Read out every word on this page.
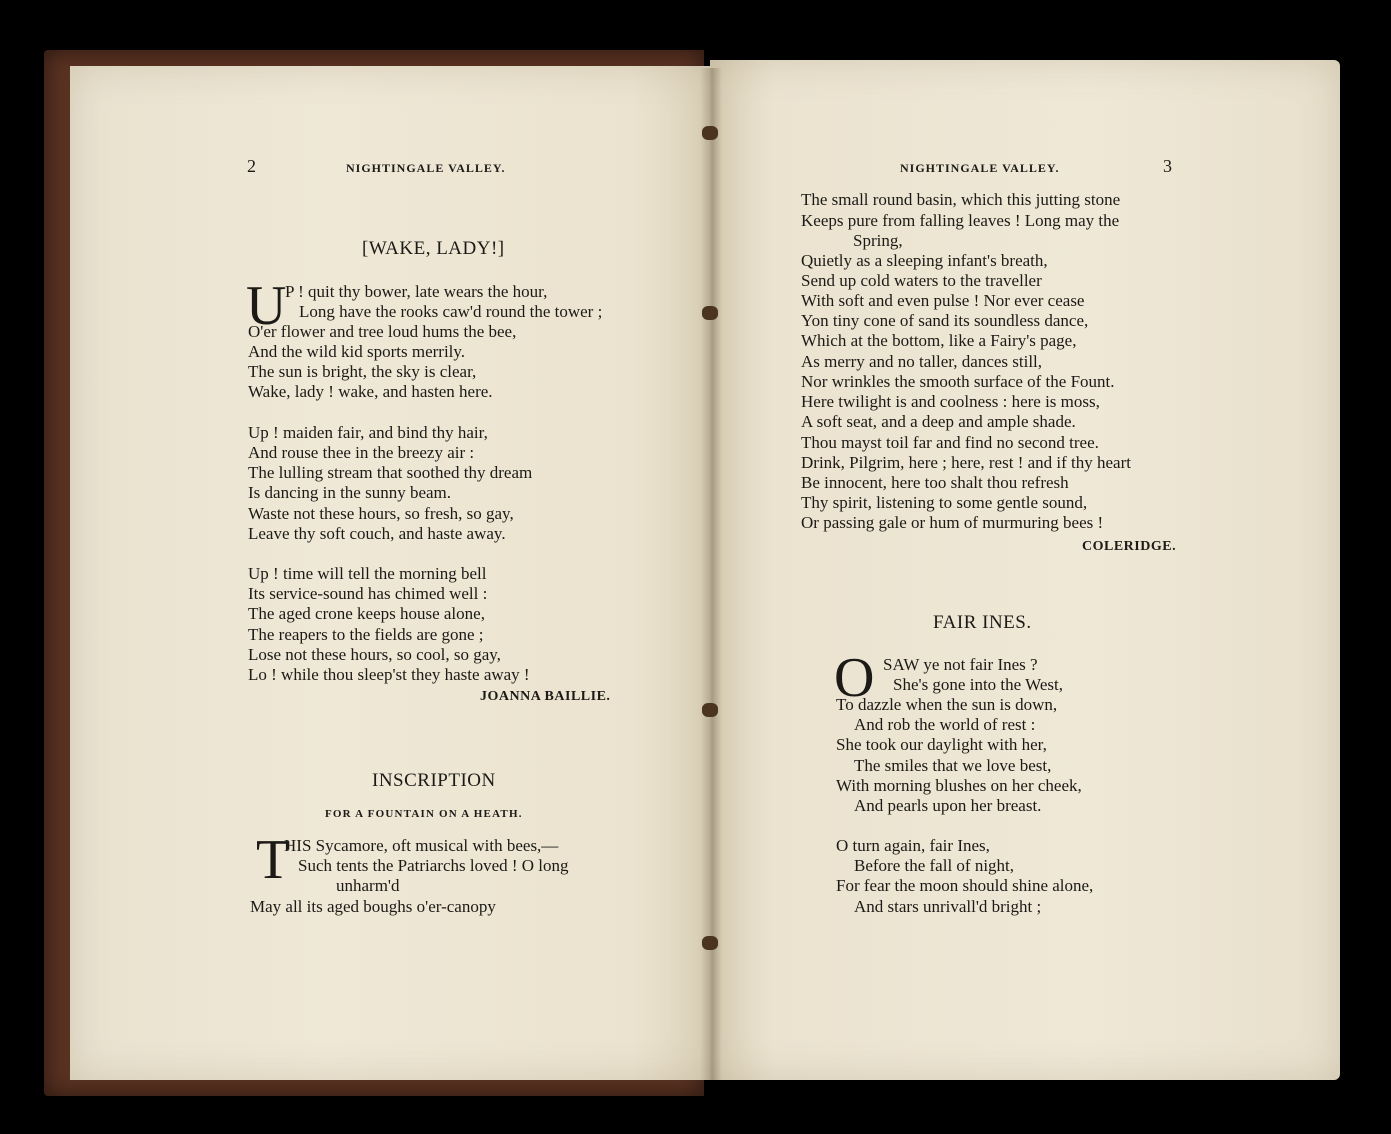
2	NIGHTINGALE VALLEY.
[WAKE, LADY!]
U
P ! quit thy bower, late wears the hour,
Long have the rooks caw'd round the tower ;
O'er flower and tree loud hums the bee,
And the wild kid sports merrily.
The sun is bright, the sky is clear,
Wake, lady ! wake, and hasten here.
Up ! maiden fair, and bind thy hair,
And rouse thee in the breezy air :
The lulling stream that soothed thy dream
Is dancing in the sunny beam.
Waste not these hours, so fresh, so gay,
Leave thy soft couch, and haste away.
Up ! time will tell the morning bell
Its service-sound has chimed well :
The aged crone keeps house alone,
The reapers to the fields are gone ;
Lose not these hours, so cool, so gay,
Lo ! while thou sleep'st they haste away !
JOANNA BAILLIE.
INSCRIPTION
FOR A FOUNTAIN ON A HEATH.
T
HIS Sycamore, oft musical with bees,—
Such tents the Patriarchs loved ! O long
unharm'd
May all its aged boughs o'er-canopy
NIGHTINGALE VALLEY.	3
The small round basin, which this jutting stone
Keeps pure from falling leaves ! Long may the
Spring,
Quietly as a sleeping infant's breath,
Send up cold waters to the traveller
With soft and even pulse ! Nor ever cease
Yon tiny cone of sand its soundless dance,
Which at the bottom, like a Fairy's page,
As merry and no taller, dances still,
Nor wrinkles the smooth surface of the Fount.
Here twilight is and coolness : here is moss,
A soft seat, and a deep and ample shade.
Thou mayst toil far and find no second tree.
Drink, Pilgrim, here ; here, rest ! and if thy heart
Be innocent, here too shalt thou refresh
Thy spirit, listening to some gentle sound,
Or passing gale or hum of murmuring bees !
COLERIDGE.
FAIR INES.
O SAW ye not fair Ines ?
She's gone into the West,
To dazzle when the sun is down,
And rob the world of rest :
She took our daylight with her,
The smiles that we love best,
With morning blushes on her cheek,
And pearls upon her breast.
O turn again, fair Ines,
Before the fall of night,
For fear the moon should shine alone,
And stars unrivall'd bright ;
